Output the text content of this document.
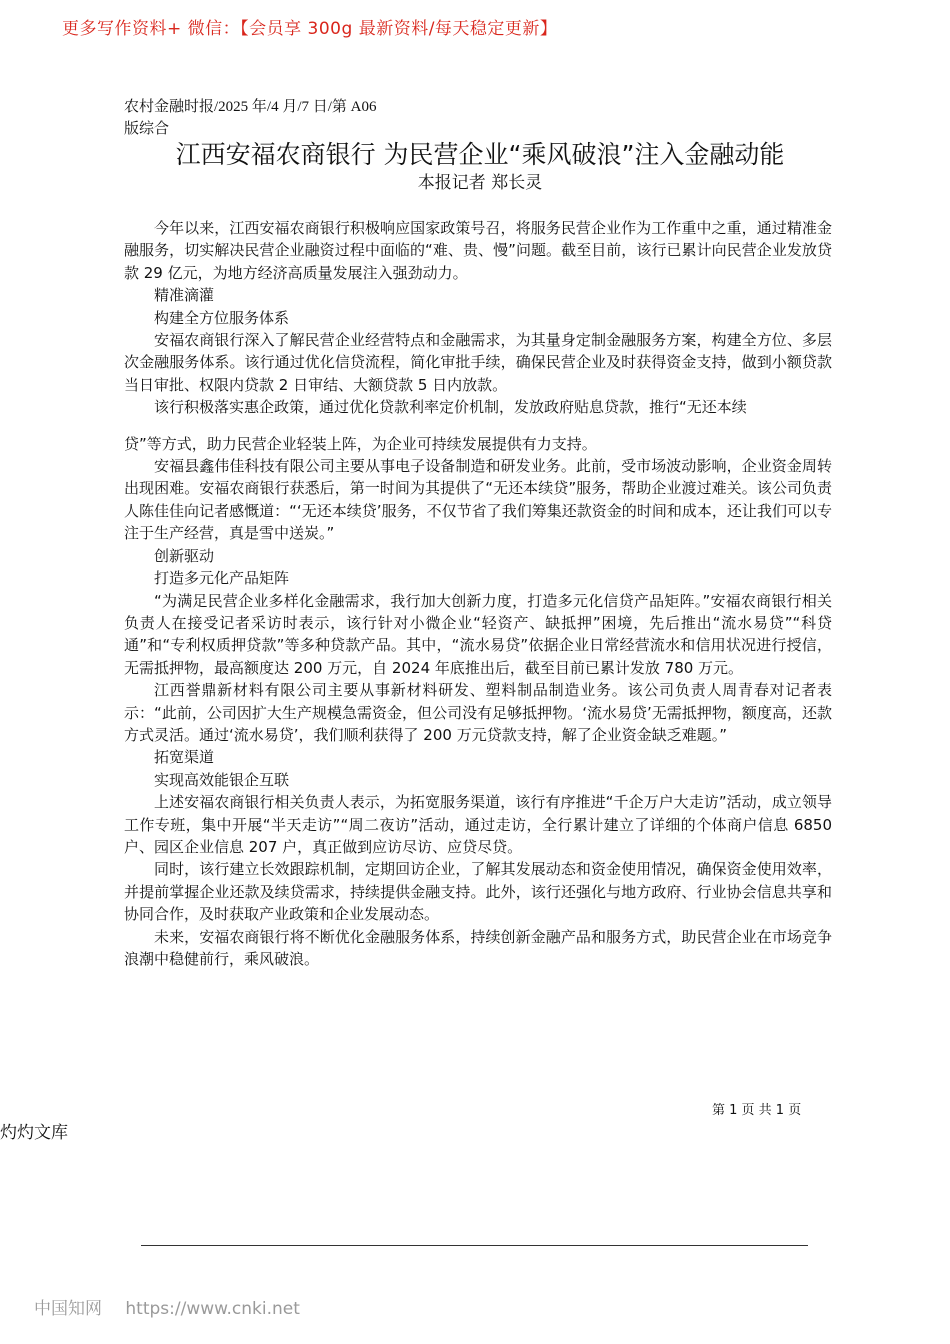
更多写作资料+ 微信：【会员享 300g 最新资料/每天稳定更新】
农村金融时报/2025 年/4 月/7 日/第 A06
版综合
江西安福农商银行 为民营企业“乘风破浪”注入金融动能
本报记者 郑长灵

今年以来，江西安福农商银行积极响应国家政策号召，将服务民营企业作为工作重中之重，通过精准金融服务，切实解决民营企业融资过程中面临的“难、贵、慢”问题。截至目前，该行已累计向民营企业发放贷款 29 亿元，为地方经济高质量发展注入强劲动力。

精准滴灌

构建全方位服务体系

安福农商银行深入了解民营企业经营特点和金融需求，为其量身定制金融服务方案，构建全方位、多层次金融服务体系。该行通过优化信贷流程，简化审批手续，确保民营企业及时获得资金支持，做到小额贷款当日审批、权限内贷款 2 日审结、大额贷款 5 日内放款。

该行积极落实惠企政策，通过优化贷款利率定价机制，发放政府贴息贷款，推行“无还本续

贷”等方式，助力民营企业轻装上阵，为企业可持续发展提供有力支持。

安福县鑫伟佳科技有限公司主要从事电子设备制造和研发业务。此前，受市场波动影响，企业资金周转出现困难。安福农商银行获悉后，第一时间为其提供了“无还本续贷”服务，帮助企业渡过难关。该公司负责人陈佳佳向记者感慨道：“‘无还本续贷’服务，不仅节省了我们筹集还款资金的时间和成本，还让我们可以专注于生产经营，真是雪中送炭。”

创新驱动

打造多元化产品矩阵

“为满足民营企业多样化金融需求，我行加大创新力度，打造多元化信贷产品矩阵。”安福农商银行相关负责人在接受记者采访时表示，该行针对小微企业“轻资产、缺抵押”困境，先后推出“流水易贷”“科贷通”和“专利权质押贷款”等多种贷款产品。其中，“流水易贷”依据企业日常经营流水和信用状况进行授信，无需抵押物，最高额度达 200 万元，自 2024 年底推出后，截至目前已累计发放 780 万元。

江西誉鼎新材料有限公司主要从事新材料研发、塑料制品制造业务。该公司负责人周青春对记者表示：“此前，公司因扩大生产规模急需资金，但公司没有足够抵押物。‘流水易贷’无需抵押物，额度高，还款方式灵活。通过‘流水易贷’，我们顺利获得了 200 万元贷款支持，解了企业资金缺乏难题。”

拓宽渠道

实现高效能银企互联

上述安福农商银行相关负责人表示，为拓宽服务渠道，该行有序推进“千企万户大走访”活动，成立领导工作专班，集中开展“半天走访”“周二夜访”活动，通过走访，全行累计建立了详细的个体商户信息 6850 户、园区企业信息 207 户，真正做到应访尽访、应贷尽贷。

同时，该行建立长效跟踪机制，定期回访企业，了解其发展动态和资金使用情况，确保资金使用效率，并提前掌握企业还款及续贷需求，持续提供金融支持。此外，该行还强化与地方政府、行业协会信息共享和协同合作，及时获取产业政策和企业发展动态。

未来，安福农商银行将不断优化金融服务体系，持续创新金融产品和服务方式，助民营企业在市场竞争浪潮中稳健前行，乘风破浪。

第 1 页 共 1 页
灼灼文库
中国知网 https://www.cnki.net
